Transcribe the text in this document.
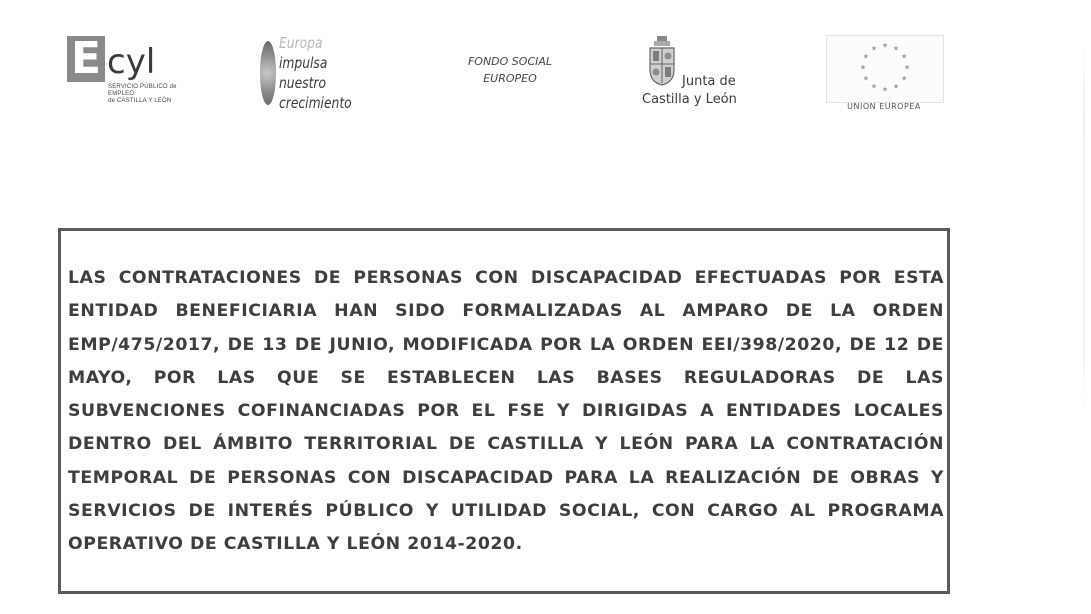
E cyl
SERVICIO PÚBLICO de EMPLEO
de CASTILLA Y LEÓN
Europa impulsa
nuestro crecimiento
FONDO SOCIAL
EUROPEO	Junta de
Castilla y León
★ ★
★
★
★
★
★
★
★
★
★
★
UNION EUROPEA

LAS CONTRATACIONES DE PERSONAS CON DISCAPACIDAD EFECTUADAS POR ESTA ENTIDAD BENEFICIARIA HAN SIDO FORMALIZADAS AL AMPARO DE LA ORDEN EMP/475/2017, DE 13 DE JUNIO, MODIFICADA POR LA ORDEN EEI/398/2020, DE 12 DE MAYO, POR LAS QUE SE ESTABLECEN LAS BASES REGULADORAS DE LAS SUBVENCIONES COFINANCIADAS POR EL FSE Y DIRIGIDAS A ENTIDADES LOCALES DENTRO DEL ÁMBITO TERRITORIAL DE CASTILLA Y LEÓN PARA LA CONTRATACIÓN TEMPORAL DE PERSONAS CON DISCAPACIDAD PARA LA REALIZACIÓN DE OBRAS Y SERVICIOS DE INTERÉS PÚBLICO Y UTILIDAD SOCIAL, CON CARGO AL PROGRAMA OPERATIVO DE CASTILLA Y LEÓN 2014-2020.
